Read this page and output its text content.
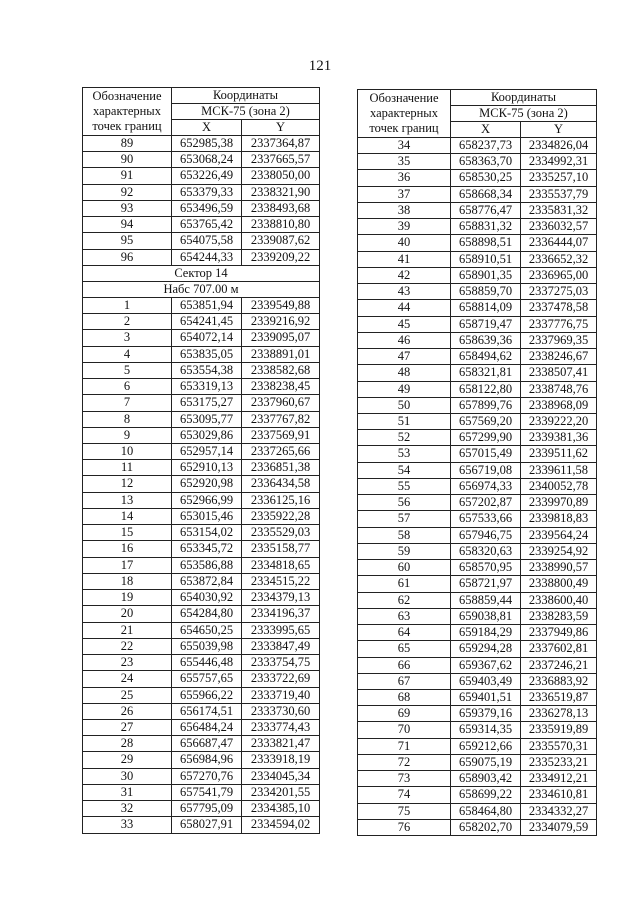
121
Обозначение
характерных
точек границ	Координаты	
	МСК-75 (зона 2)	
	X	Y
89	652985,38	2337364,87
90	653068,24	2337665,57
91	653226,49	2338050,00
92	653379,33	2338321,90
93	653496,59	2338493,68
94	653765,42	2338810,80
95	654075,58	2339087,62
96	654244,33	2339209,22
Сектор 14		
Набс 707.00 м		
1	653851,94	2339549,88
2	654241,45	2339216,92
3	654072,14	2339095,07
4	653835,05	2338891,01
5	653554,38	2338582,68
6	653319,13	2338238,45
7	653175,27	2337960,67
8	653095,77	2337767,82
9	653029,86	2337569,91
10	652957,14	2337265,66
11	652910,13	2336851,38
12	652920,98	2336434,58
13	652966,99	2336125,16
14	653015,46	2335922,28
15	653154,02	2335529,03
16	653345,72	2335158,77
17	653586,88	2334818,65
18	653872,84	2334515,22
19	654030,92	2334379,13
20	654284,80	2334196,37
21	654650,25	2333995,65
22	655039,98	2333847,49
23	655446,48	2333754,75
24	655757,65	2333722,69
25	655966,22	2333719,40
26	656174,51	2333730,60
27	656484,24	2333774,43
28	656687,47	2333821,47
29	656984,96	2333918,19
30	657270,76	2334045,34
31	657541,79	2334201,55
32	657795,09	2334385,10
33	658027,91	2334594,02
Обозначение
характерных
точек границ	Координаты	
	МСК-75 (зона 2)	
	X	Y
34	658237,73	2334826,04
35	658363,70	2334992,31
36	658530,25	2335257,10
37	658668,34	2335537,79
38	658776,47	2335831,32
39	658831,32	2336032,57
40	658898,51	2336444,07
41	658910,51	2336652,32
42	658901,35	2336965,00
43	658859,70	2337275,03
44	658814,09	2337478,58
45	658719,47	2337776,75
46	658639,36	2337969,35
47	658494,62	2338246,67
48	658321,81	2338507,41
49	658122,80	2338748,76
50	657899,76	2338968,09
51	657569,20	2339222,20
52	657299,90	2339381,36
53	657015,49	2339511,62
54	656719,08	2339611,58
55	656974,33	2340052,78
56	657202,87	2339970,89
57	657533,66	2339818,83
58	657946,75	2339564,24
59	658320,63	2339254,92
60	658570,95	2338990,57
61	658721,97	2338800,49
62	658859,44	2338600,40
63	659038,81	2338283,59
64	659184,29	2337949,86
65	659294,28	2337602,81
66	659367,62	2337246,21
67	659403,49	2336883,92
68	659401,51	2336519,87
69	659379,16	2336278,13
70	659314,35	2335919,89
71	659212,66	2335570,31
72	659075,19	2335233,21
73	658903,42	2334912,21
74	658699,22	2334610,81
75	658464,80	2334332,27
76	658202,70	2334079,59
